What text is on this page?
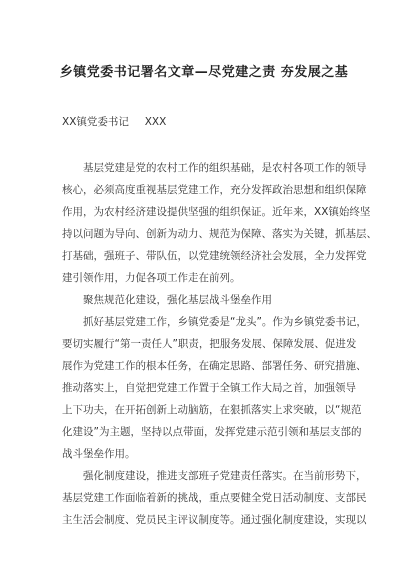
乡镇党委书记署名文章—尽党建之责 夯发展之基
XX镇党委书记　 XXX
基层党建是党的农村工作的组织基础，是农村各项工作的领导
核心，必须高度重视基层党建工作，充分发挥政治思想和组织保障
作用，为农村经济建设提供坚强的组织保证。近年来，XX镇始终坚
持以问题为导向、创新为动力、规范为保障、落实为关键，抓基层、
打基础，强班子、带队伍，以党建统领经济社会发展，全力发挥党
建引领作用，力促各项工作走在前列。
聚焦规范化建设，强化基层战斗堡垒作用
抓好基层党建工作，乡镇党委是“龙头”。作为乡镇党委书记，
要切实履行“第一责任人”职责，把服务发展、保障发展、促进发
展作为党建工作的根本任务，在确定思路、部署任务、研究措施、
推动落实上，自觉把党建工作置于全镇工作大局之首，加强领导
上下功夫，在开拓创新上动脑筋，在狠抓落实上求突破，以“规范
化建设”为主题，坚持以点带面，发挥党建示范引领和基层支部的
战斗堡垒作用。
强化制度建设，推进支部班子党建责任落实。在当前形势下，
基层党建工作面临着新的挑战，重点要健全党日活动制度、支部民
主生活会制度、党员民主评议制度等。通过强化制度建设，实现以
